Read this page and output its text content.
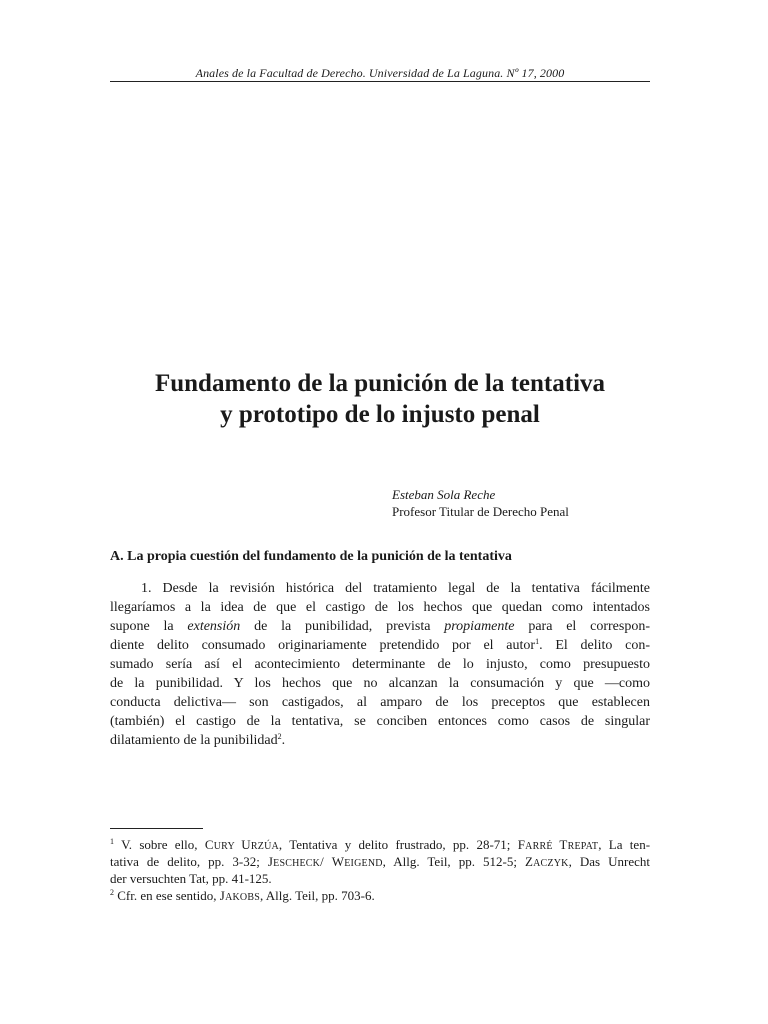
Anales de la Facultad de Derecho. Universidad de La Laguna. Nº 17, 2000
Fundamento de la punición de la tentativa
y prototipo de lo injusto penal
Esteban Sola Reche
Profesor Titular de Derecho Penal
A. La propia cuestión del fundamento de la punición de la tentativa
1. Desde la revisión histórica del tratamiento legal de la tentativa fácilmente
llegaríamos a la idea de que el castigo de los hechos que quedan como intentados
supone la extensión de la punibilidad, prevista propiamente para el correspon-
diente delito consumado originariamente pretendido por el autor$^1$. El delito con-
sumado sería así el acontecimiento determinante de lo injusto, como presupuesto
de la punibilidad. Y los hechos que no alcanzan la consumación y que —como
conducta delictiva— son castigados, al amparo de los preceptos que establecen
(también) el castigo de la tentativa, se conciben entonces como casos de singular
dilatamiento de la punibilidad$^2$.
$^1$ V. sobre ello, CURY URZÚA, Tentativa y delito frustrado, pp. 28-71; FARRÉ TREPAT, La ten-
tativa de delito, pp. 3-32; JESCHECK/ WEIGEND, Allg. Teil, pp. 512-5; ZACZYK, Das Unrecht
der versuchten Tat, pp. 41-125.
$^2$ Cfr. en ese sentido, JAKOBS, Allg. Teil, pp. 703-6.
